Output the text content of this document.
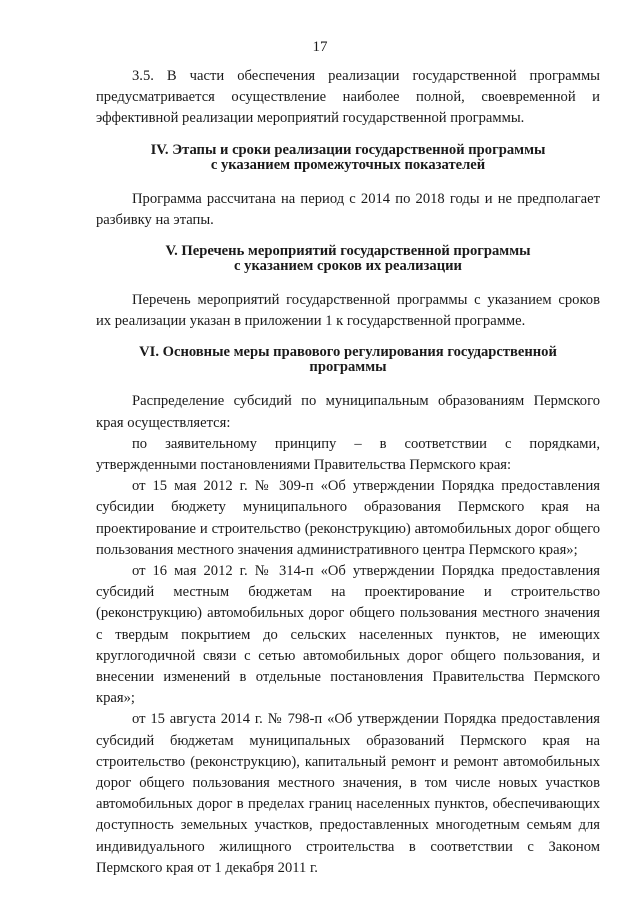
17

3.5. В части обеспечения реализации государственной программы предусматривается осуществление наиболее полной, своевременной и эффективной реализации мероприятий государственной программы.

IV. Этапы и сроки реализации государственной программы
с указанием промежуточных показателей

Программа рассчитана на период с 2014 по 2018 годы и не предполагает разбивку на этапы.

V. Перечень мероприятий государственной программы
с указанием сроков их реализации

Перечень мероприятий государственной программы с указанием сроков их реализации указан в приложении 1 к государственной программе.

VI. Основные меры правового регулирования государственной
программы

Распределение субсидий по муниципальным образованиям Пермского края осуществляется:

по заявительному принципу – в соответствии с порядками, утвержденными постановлениями Правительства Пермского края:

от 15 мая 2012 г. № 309-п «Об утверждении Порядка предоставления субсидии бюджету муниципального образования Пермского края на проектирование и строительство (реконструкцию) автомобильных дорог общего пользования местного значения административного центра Пермского края»;

от 16 мая 2012 г. № 314-п «Об утверждении Порядка предоставления субсидий местным бюджетам на проектирование и строительство (реконструкцию) автомобильных дорог общего пользования местного значения с твердым покрытием до сельских населенных пунктов, не имеющих круглогодичной связи с сетью автомобильных дорог общего пользования, и внесении изменений в отдельные постановления Правительства Пермского края»;

от 15 августа 2014 г. № 798-п «Об утверждении Порядка предоставления субсидий бюджетам муниципальных образований Пермского края на строительство (реконструкцию), капитальный ремонт и ремонт автомобильных дорог общего пользования местного значения, в том числе новых участков автомобильных дорог в пределах границ населенных пунктов, обеспечивающих доступность земельных участков, предоставленных многодетным семьям для индивидуального жилищного строительства в соответствии с Законом Пермского края от 1 декабря 2011 г.
